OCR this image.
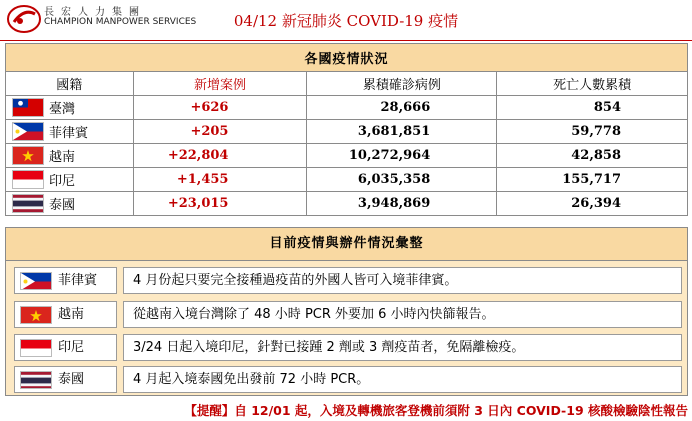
長宏人力集團
CHAMPION MANPOWER SERVICES	04/12 新冠肺炎 COVID-19 疫情
各國疫情狀況			
國籍	新增案例	累積確診病例	死亡人數累積
臺灣	+626	28,666	854
菲律賓	+205	3,681,851	59,778
越南	+22,804	10,272,964	42,858
印尼	+1,455	6,035,358	155,717
泰國	+23,015	3,948,869	26,394
目前疫情與辦件情況彙整
菲律賓	4 月份起只要完全接種過疫苗的外國人皆可入境菲律賓。
越南	從越南入境台灣除了 48 小時 PCR 外要加 6 小時內快篩報告。
印尼	3/24 日起入境印尼，針對已接踵 2 劑或 3 劑疫苗者，免隔離檢疫。
泰國	4 月起入境泰國免出發前 72 小時 PCR。
【提醒】自 12/01 起，入境及轉機旅客登機前須附 3 日內 COVID-19 核酸檢驗陰性報告
